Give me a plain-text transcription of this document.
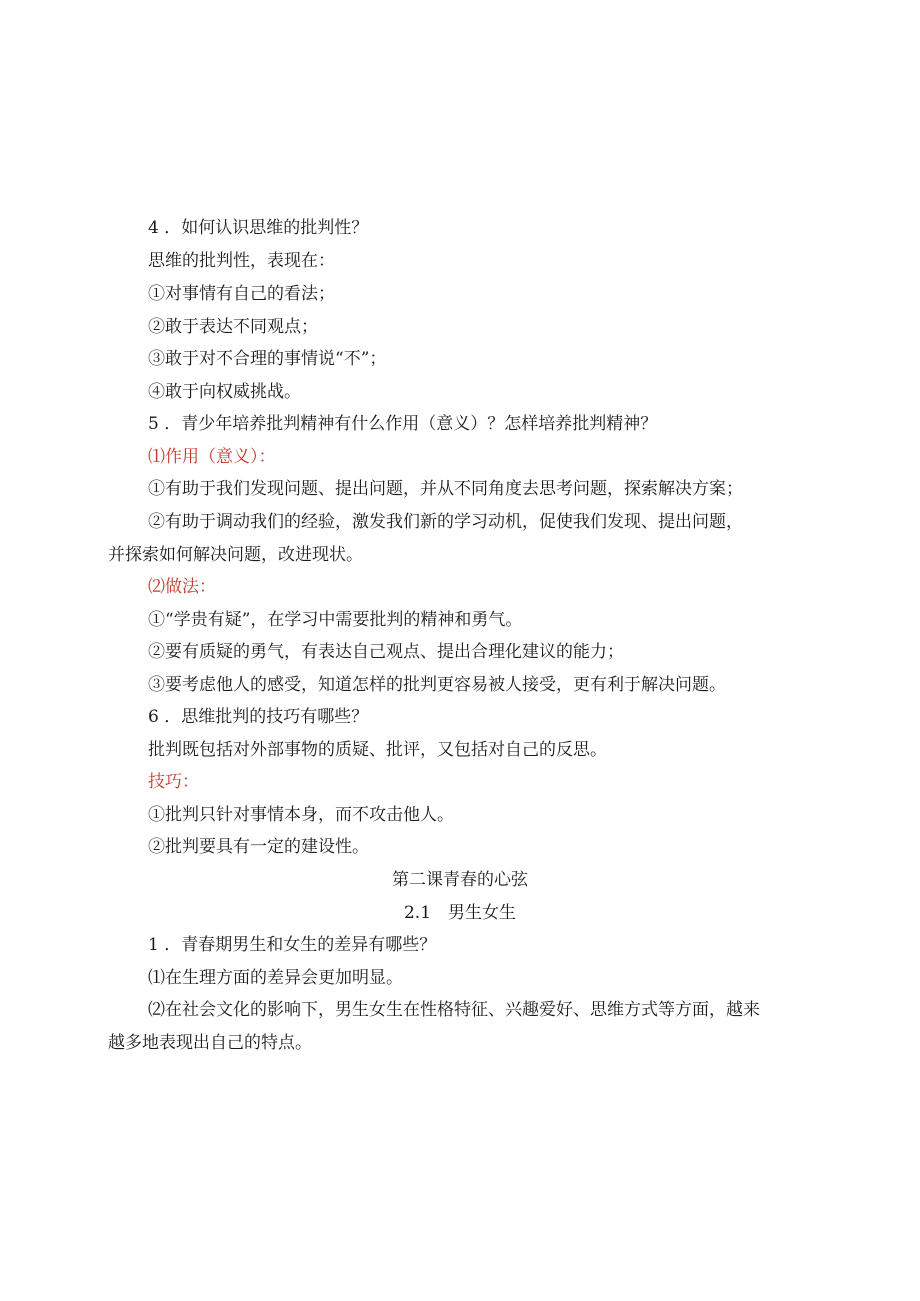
4 ．如何认识思维的批判性？
思维的批判性，表现在：
①对事情有自己的看法；
②敢于表达不同观点；
③敢于对不合理的事情说“不”；
④敢于向权威挑战。
5 ．青少年培养批判精神有什么作用（意义）？怎样培养批判精神？
⑴作用（意义）：
①有助于我们发现问题、提出问题，并从不同角度去思考问题，探索解决方案；
②有助于调动我们的经验，激发我们新的学习动机，促使我们发现、提出问题，
并探索如何解决问题，改进现状。
⑵做法：
①“学贵有疑”，在学习中需要批判的精神和勇气。
②要有质疑的勇气，有表达自己观点、提出合理化建议的能力；
③要考虑他人的感受，知道怎样的批判更容易被人接受，更有利于解决问题。
6 ．思维批判的技巧有哪些？
批判既包括对外部事物的质疑、批评，又包括对自己的反思。
技巧：
①批判只针对事情本身，而不攻击他人。
②批判要具有一定的建设性。
第二课青春的心弦
2.1　男生女生
1 ．青春期男生和女生的差异有哪些？
⑴在生理方面的差异会更加明显。
⑵在社会文化的影响下，男生女生在性格特征、兴趣爱好、思维方式等方面，越来
越多地表现出自己的特点。
